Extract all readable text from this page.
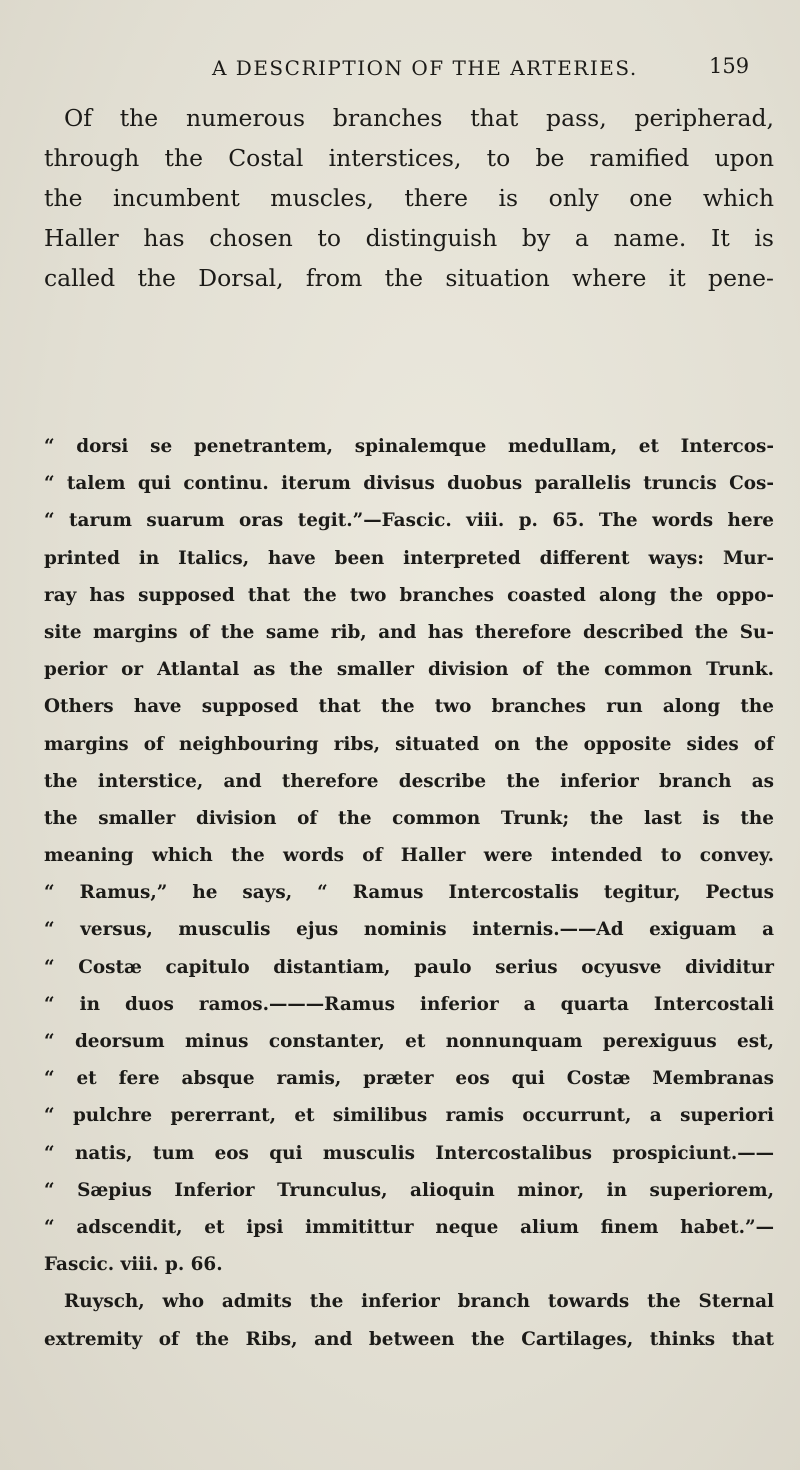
A DESCRIPTION OF THE ARTERIES.	159
Of the numerous branches that pass, peripherad,
through the Costal interstices, to be ramified upon
the incumbent muscles, there is only one which
Haller has chosen to distinguish by a name. It is
called the Dorsal, from the situation where it pene-
“ dorsi se penetrantem, spinalemque medullam, et Intercos-
“ talem qui continu. iterum divisus duobus parallelis truncis Cos-
“ tarum suarum oras tegit.”—Fascic. viii. p. 65. The words here
printed in Italics, have been interpreted different ways: Mur-
ray has supposed that the two branches coasted along the oppo-
site margins of the same rib, and has therefore described the Su-
perior or Atlantal as the smaller division of the common Trunk.
Others have supposed that the two branches run along the
margins of neighbouring ribs, situated on the opposite sides of
the interstice, and therefore describe the inferior branch as
the smaller division of the common Trunk; the last is the
meaning which the words of Haller were intended to convey.
“ Ramus,” he says, “ Ramus Intercostalis tegitur, Pectus
“ versus, musculis ejus nominis internis.——Ad exiguam a
“ Costæ capitulo distantiam, paulo serius ocyusve dividitur
“ in duos ramos.———Ramus inferior a quarta Intercostali
“ deorsum minus constanter, et nonnunquam perexiguus est,
“ et fere absque ramis, præter eos qui Costæ Membranas
“ pulchre pererrant, et similibus ramis occurrunt, a superiori
“ natis, tum eos qui musculis Intercostalibus prospiciunt.——
“ Sæpius Inferior Trunculus, alioquin minor, in superiorem,
“ adscendit, et ipsi immitittur neque alium finem habet.”—
Fascic. viii. p. 66.
Ruysch, who admits the inferior branch towards the Sternal
extremity of the Ribs, and between the Cartilages, thinks that
